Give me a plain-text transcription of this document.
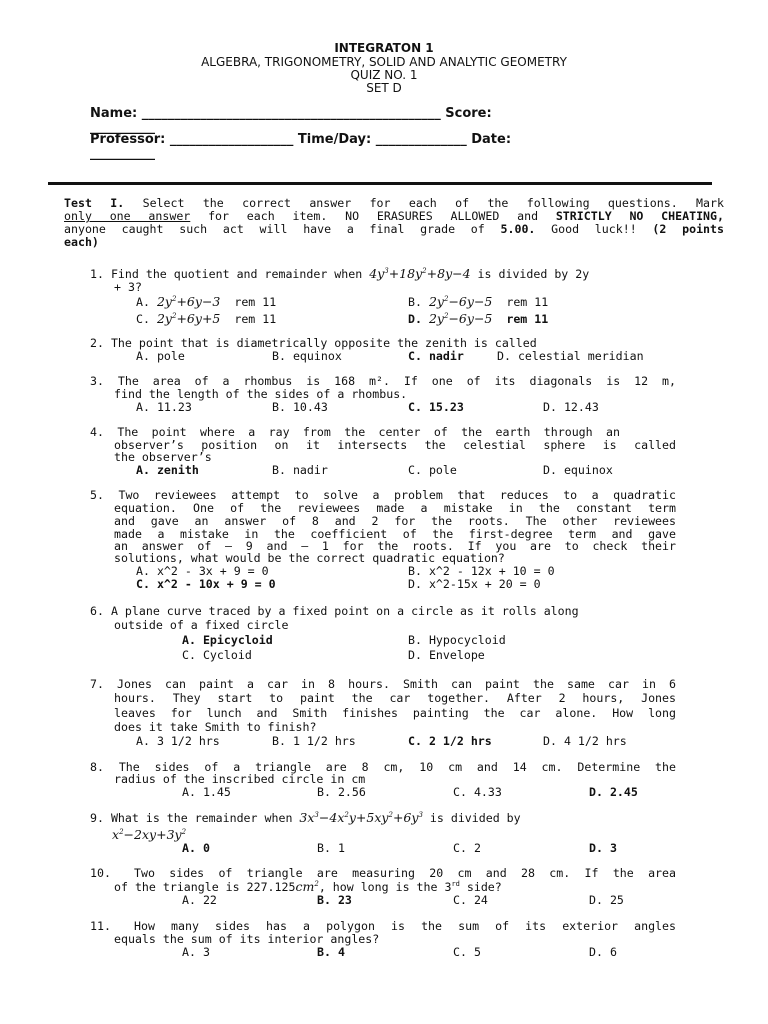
INTEGRATON 1
ALGEBRA, TRIGONOMETRY, SOLID AND ANALYTIC GEOMETRY
QUIZ NO. 1
SET D
Name: ______________________________________________ Score:
__________
Professor: ___________________ Time/Day: ______________ Date:
__________
Test I. Select the correct answer for each of the following questions. Mark
only one answer for each item. NO ERASURES ALLOWED and STRICTLY NO CHEATING,
anyone caught such act will have a final grade of 5.00. Good luck!! (2 points
each)
1. Find the quotient and remainder when $4y^3+18y^2+8y-4$ is divided by 2y
+ 3?
A. $2y^2+6y-3$ rem 11	B. $2y^2-6y-5$ rem 11
C. $2y^2+6y+5$ rem 11	D. $2y^2-6y-5$ rem 11
2. The point that is diametrically opposite the zenith is called
A. pole	B. equinox	C. nadir	D. celestial meridian
3. The area of a rhombus is 168 m². If one of its diagonals is 12 m,
find the length of the sides of a rhombus.
A. 11.23	B. 10.43	C. 15.23	D. 12.43
4. The point where a ray from the center of the earth through an
observer’s position on it intersects the celestial sphere is called
the observer’s
A. zenith	B. nadir	C. pole	D. equinox
5. Two reviewees attempt to solve a problem that reduces to a quadratic
equation. One of the reviewees made a mistake in the constant term
and gave an answer of 8 and 2 for the roots. The other reviewees
made a mistake in the coefficient of the first-degree term and gave
an answer of – 9 and – 1 for the roots. If you are to check their
solutions, what would be the correct quadratic equation?
A. x^2 - 3x + 9 = 0	B. x^2 - 12x + 10 = 0
C. x^2 - 10x + 9 = 0	D. x^2-15x + 20 = 0
6. A plane curve traced by a fixed point on a circle as it rolls along
outside of a fixed circle
A. Epicycloid	B. Hypocycloid
C. Cycloid	D. Envelope
7. Jones can paint a car in 8 hours. Smith can paint the same car in 6
hours. They start to paint the car together. After 2 hours, Jones
leaves for lunch and Smith finishes painting the car alone. How long
does it take Smith to finish?
A. 3 1/2 hrs	B. 1 1/2 hrs	C. 2 1/2 hrs	D. 4 1/2 hrs
8. The sides of a triangle are 8 cm, 10 cm and 14 cm. Determine the
radius of the inscribed circle in cm
A. 1.45	B. 2.56	C. 4.33	D. 2.45
9. What is the remainder when $3x^3-4x^2y+5xy^2+6y^3$ is divided by
$x^2-2xy+3y^2$
A. 0	B. 1	C. 2	D. 3
10. Two sides of triangle are measuring 20 cm and 28 cm. If the area
of the triangle is $227.125cm^2$, how long is the 3rd side?
A. 22	B. 23	C. 24	D. 25
11. How many sides has a polygon is the sum of its exterior angles
equals the sum of its interior angles?
A. 3	B. 4	C. 5	D. 6
